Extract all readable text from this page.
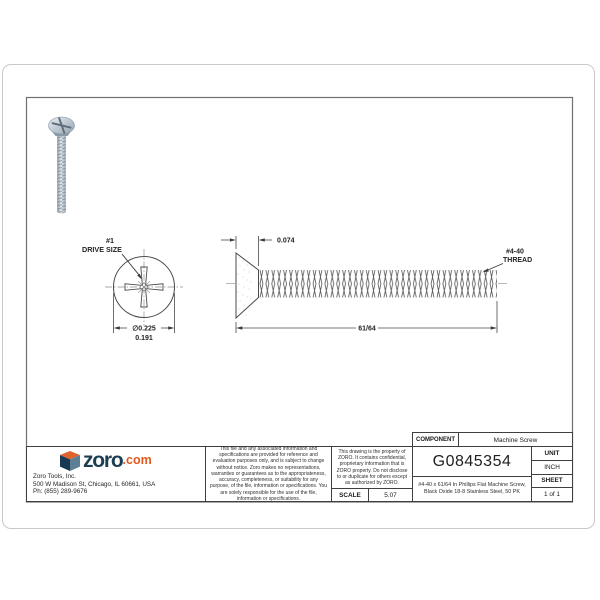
#1
DRIVE SIZE
∅0.225
0.191
0.074
#4-40
THREAD
61/64
COMPONENT	Machine Screw
zoro .com
Zoro Tools, Inc.
500 W Madison St, Chicago, IL 60661, USA
Ph: (855) 289-9676
This file and any associated information and specifications are provided for reference and evaluation purposes only, and is subject to change without notice. Zoro makes no representations, warranties or guarantees as to the appropriateness, accuracy, completeness, or suitability for any purpose, of the file, information or specifications. You are solely responsible for the use of the file, information or specifications.
This drawing is the property of ZORO. It contains confidential, proprietary information that is ZORO property. Do not disclose to or duplicate for others except as authorized by ZORO.
SCALE	5.07
G0845354
#4-40 x 61/64 In Phillips Flat Machine Screw,
Black Oxide 18-8 Stainless Steel, 50 PK
UNIT
INCH
SHEET
1 of 1
